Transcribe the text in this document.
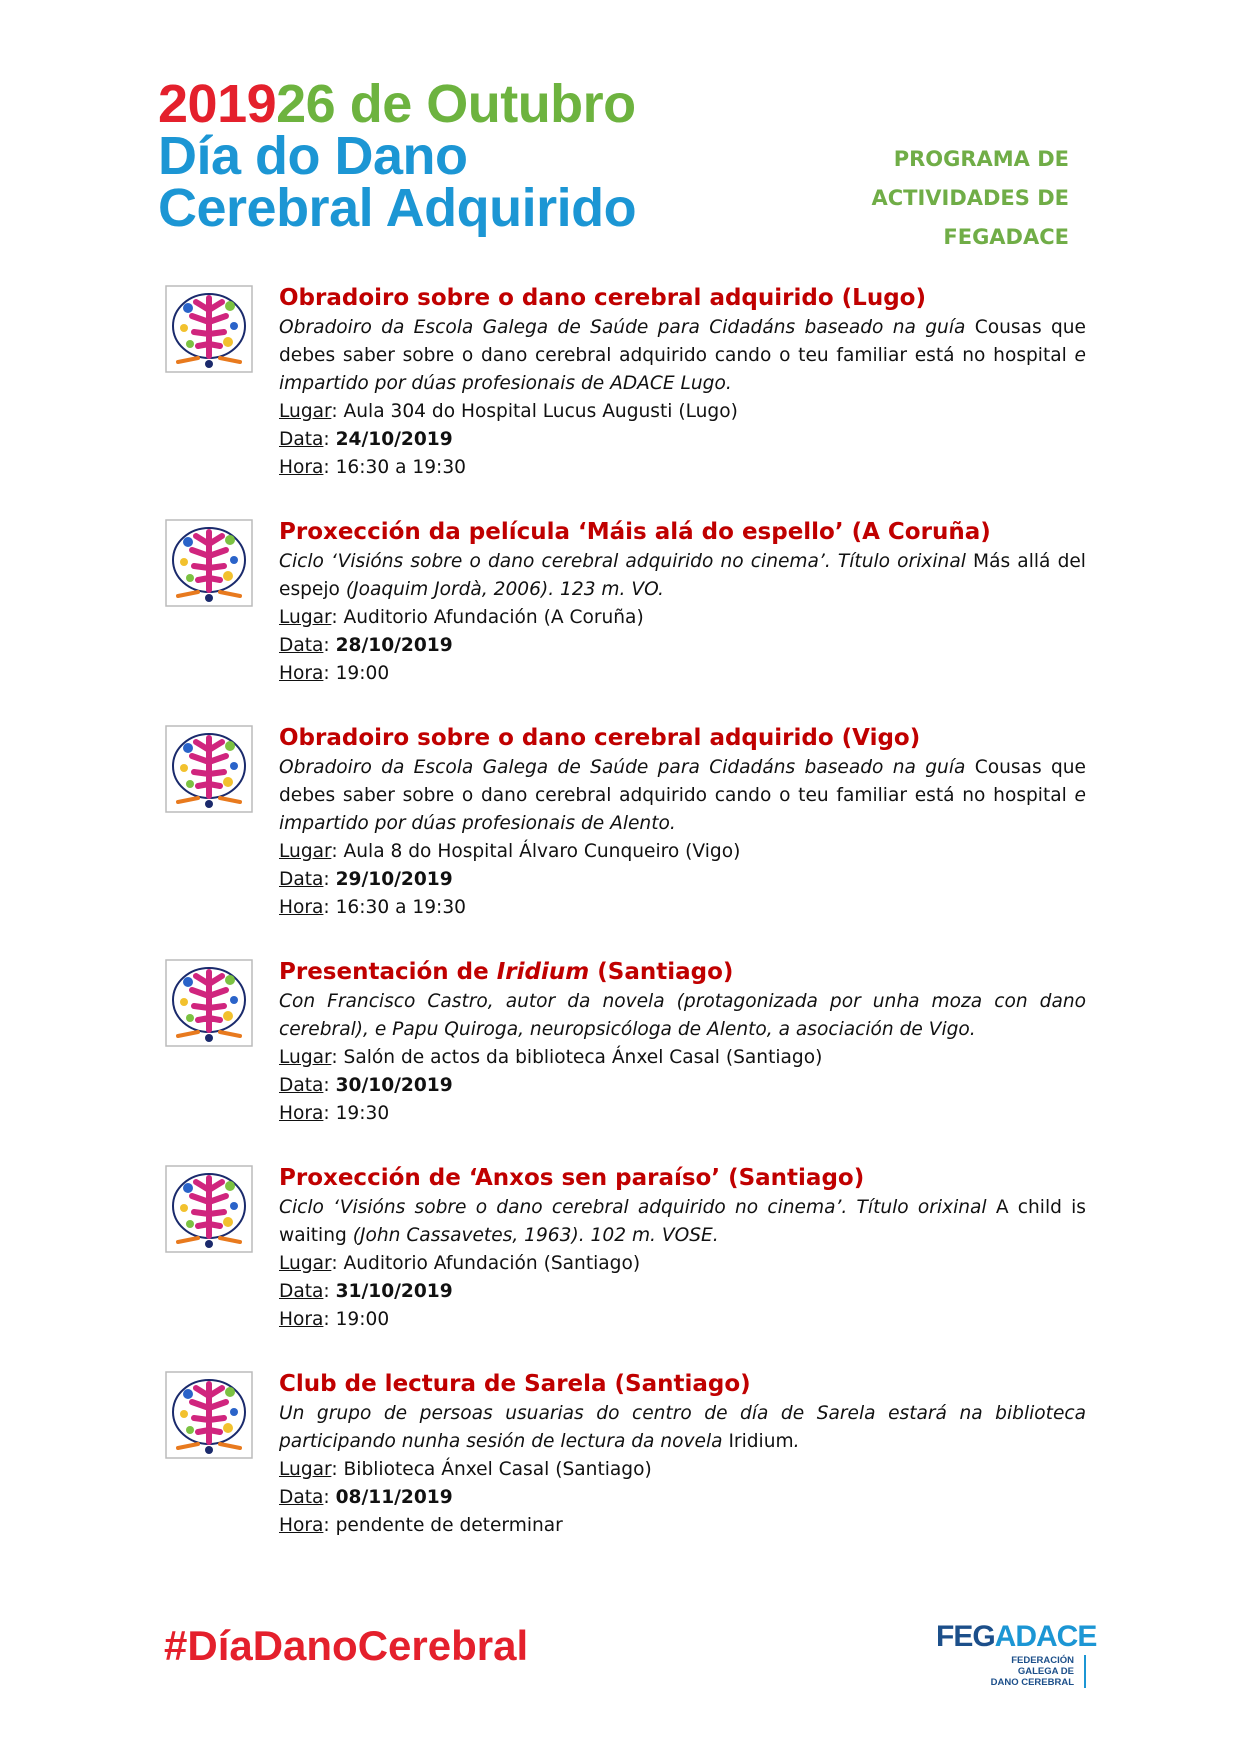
201926 de Outubro
Día do Dano
Cerebral Adquirido
PROGRAMA DE
ACTIVIDADES DE
FEGADACE
Obradoiro sobre o dano cerebral adquirido (Lugo)
Obradoiro da Escola Galega de Saúde para Cidadáns baseado na guía Cousas que debes saber sobre o dano cerebral adquirido cando o teu familiar está no hospital e impartido por dúas profesionais de ADACE Lugo.
Lugar: Aula 304 do Hospital Lucus Augusti (Lugo)
Data: 24/10/2019
Hora: 16:30 a 19:30
Proxección da película ‘Máis alá do espello’ (A Coruña)
Ciclo ‘Visións sobre o dano cerebral adquirido no cinema’. Título orixinal Más allá del espejo (Joaquim Jordà, 2006). 123 m. VO.
Lugar: Auditorio Afundación (A Coruña)
Data: 28/10/2019
Hora: 19:00
Obradoiro sobre o dano cerebral adquirido (Vigo)
Obradoiro da Escola Galega de Saúde para Cidadáns baseado na guía Cousas que debes saber sobre o dano cerebral adquirido cando o teu familiar está no hospital e impartido por dúas profesionais de Alento.
Lugar: Aula 8 do Hospital Álvaro Cunqueiro (Vigo)
Data: 29/10/2019
Hora: 16:30 a 19:30
Presentación de Iridium (Santiago)
Con Francisco Castro, autor da novela (protagonizada por unha moza con dano cerebral), e Papu Quiroga, neuropsicóloga de Alento, a asociación de Vigo.
Lugar: Salón de actos da biblioteca Ánxel Casal (Santiago)
Data: 30/10/2019
Hora: 19:30
Proxección de ‘Anxos sen paraíso’ (Santiago)
Ciclo ‘Visións sobre o dano cerebral adquirido no cinema’. Título orixinal A child is waiting (John Cassavetes, 1963). 102 m. VOSE.
Lugar: Auditorio Afundación (Santiago)
Data: 31/10/2019
Hora: 19:00
Club de lectura de Sarela (Santiago)
Un grupo de persoas usuarias do centro de día de Sarela estará na biblioteca participando nunha sesión de lectura da novela Iridium.
Lugar: Biblioteca Ánxel Casal (Santiago)
Data: 08/11/2019
Hora: pendente de determinar
#DíaDanoCerebral	FEGADACE
FEDERACIÓN
GALEGA DE
DANO CEREBRAL
